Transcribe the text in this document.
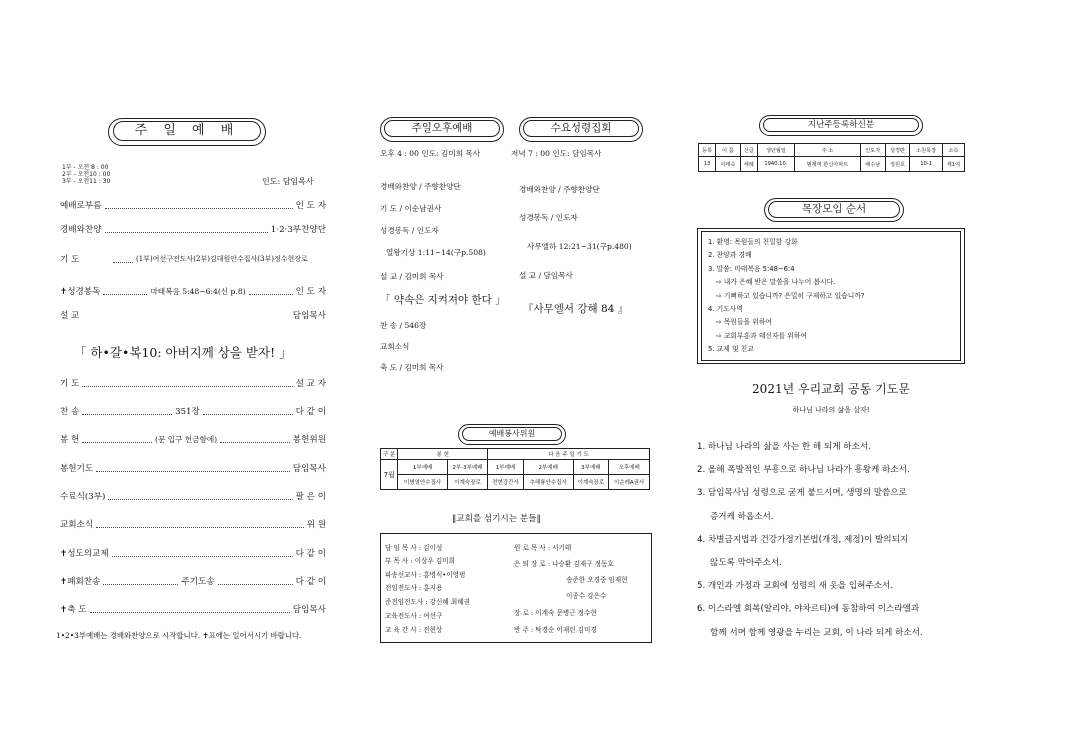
주 일 예 배
1부 - 오전 8 : 00
2부 - 오전10 : 00
3부 - 오전11 : 30	인도: 담임목사
예배로부름	인 도 자
경배와찬양	1·2·3부찬양단
기 도	(1부)여선구전도사(2부)김대원안수집사(3부)정수현장로
✝성경봉독	마태복음 5:48~6:4(신 p.8)	인 도 자
설 교	담임목사
「 하•갈•복10: 아버지께 상을 받자! 」
기 도	설 교 자
찬 송	351장	다 같 이
봉 헌	(문 입구 헌금함에)	봉헌위원
봉헌기도	담임목사
수료식(3부)	팔 은 이
교회소식	위 원
✝성도의교제	다 같 이
✝폐회찬송	주기도송	다 같 이
✝축 도	담임목사
1•2•3부예배는 경배와찬양으로 시작합니다. ✝표에는 일어서시기 바랍니다.
주일오후예배	수요성령집회
오후 4 : 00 인도: 김미희 목사
경배와찬양 / 주향찬양단
기 도 / 이순남권사
성경봉독 / 인도자
열왕기상 1:11~14(구p.508)
설 교 / 김미희 목사
「 약속은 지켜져야 한다 」
찬 송 / 546장
교회소식
축 도 / 김미희 목사
저녁 7 : 00 인도: 담임목사
경배와찬양 / 주향찬양단
성경봉독 / 인도자
사무엘하 12:21~31(구p.480)
설 교 / 담임목사
『사무엘서 강해 84 』
예배봉사위원
구 분	봉 헌		다 음 주 일 기 도			
7월	1부예배	2부·3부예배	1부예배	2부예배	3부예배	오후예배
	이병열안수집사	이계숙장로	전현강간사	추해룡안수집사	이계숙장로	이순례A권사
‖교회를 섬기시는 분들‖
담 임 목 사 : 김이성
부 목 사 : 이상우 김미희
파송선교사 : 홍병식•이영범
전임전도사 : 홍지용
준전임전도사 : 강신혜 최혜권
교육전도사 : 여선구
교 육 간 사 : 전현상
원 로 목 사 : 서기태
은 퇴 장 로 : 나승환 김재구 정동호
송준한 오경중 임재현
이종수 강은수
장 로 : 이계숙 문병근 정수현
반 주 : 탁경순 이재린 김미경
지난주등록하신분
등록	이 름	신급	생년월일	주 소	인도자	성경반	소원목장	소속
13	이태숙	세례	1940.10.	범계역 한신아파트	배수남	정원호	10-1	제1여
목장모임 순서
1. 환영: 목원들의 친밀함 강화
2. 찬양과 경배
3. 말씀: 마태복음 5:48~6:4
⇨ 내가 은혜 받은 말씀을 나누어 봅시다.
⇨ 기뻐하고 있습니까? 은밀히 구제하고 있습니까?
4. 기도사역
⇨ 목원들을 위하여
⇨ 교회부흥과 태신자를 위하여
5. 교제 및 친교
2021년 우리교회 공동 기도문
하나님 나라의 삶을 살자!
1. 하나님 나라의 삶을 사는 한 해 되게 하소서.
2. 올해 폭발적인 부흥으로 하나님 나라가 흥왕케 하소서.
3. 담임목사님 성령으로 굳게 붙드시며, 생명의 말씀으로
증거케 하옵소서.
4. 차별금지법과 건강가정기본법(개정, 제정)이 발의되지
않도록 막아주소서.
5. 개인과 가정과 교회에 성령의 새 옷을 입혀주소서.
6. 이스라엘 회복(알리야, 야차르티)에 동참하여 이스라엘과
함께 서며 함께 영광을 누리는 교회, 이 나라 되게 하소서.
